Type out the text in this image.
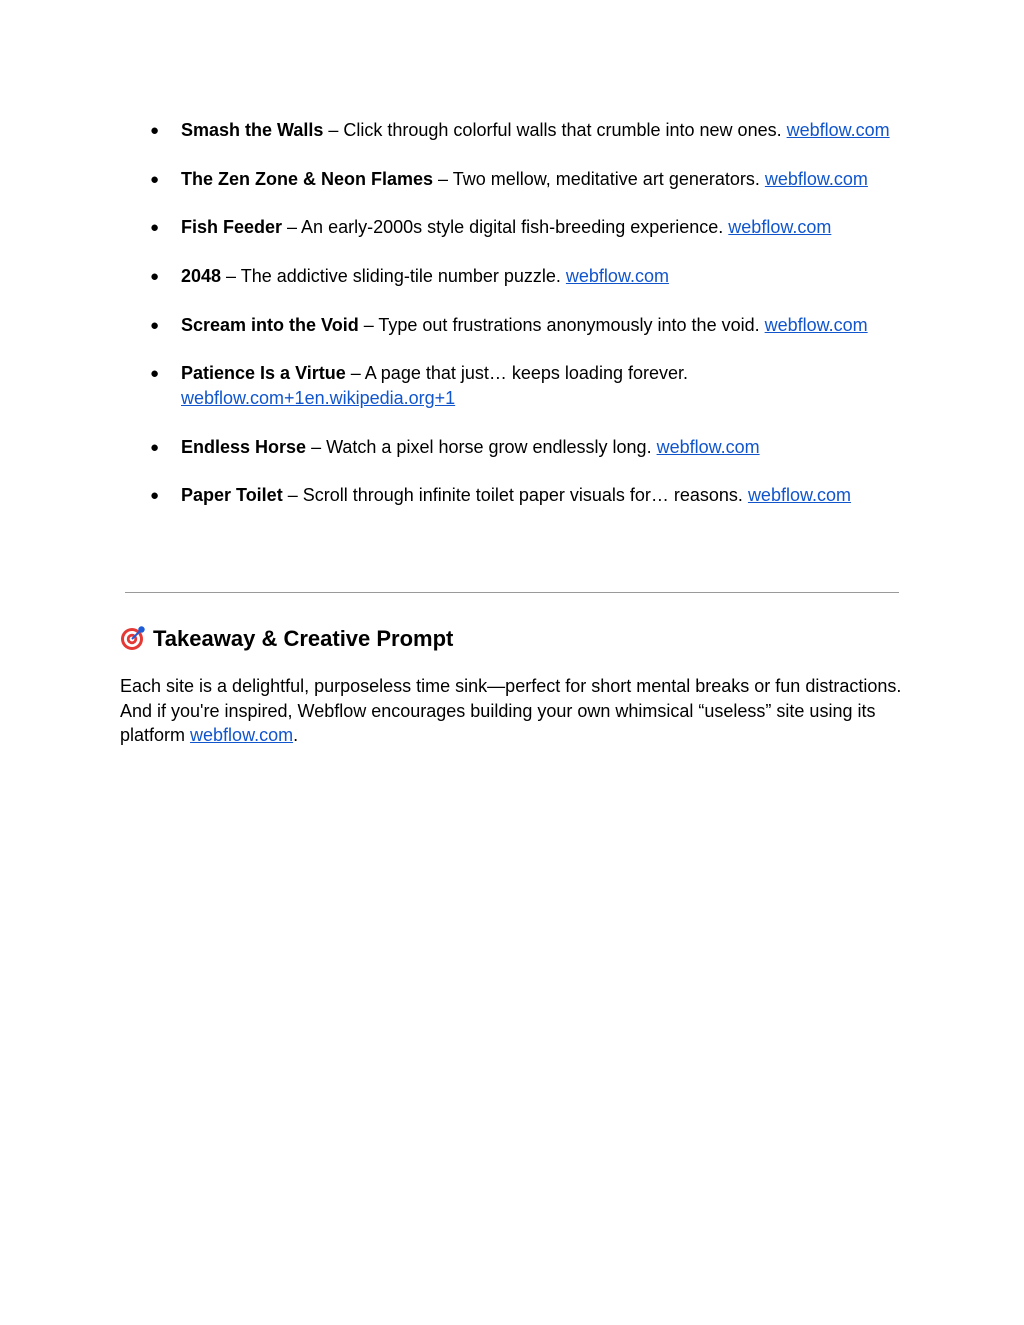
● Smash the Walls – Click through colorful walls that crumble into new ones. webflow.com
● The Zen Zone & Neon Flames – Two mellow, meditative art generators. webflow.com
● Fish Feeder – An early-2000s style digital fish-breeding experience. webflow.com
● 2048 – The addictive sliding-tile number puzzle. webflow.com
● Scream into the Void – Type out frustrations anonymously into the void. webflow.com
● Patience Is a Virtue – A page that just… keeps loading forever. webflow.com+1en.wikipedia.org+1
● Endless Horse – Watch a pixel horse grow endlessly long. webflow.com
● Paper Toilet – Scroll through infinite toilet paper visuals for… reasons. webflow.com
Takeaway & Creative Prompt

Each site is a delightful, purposeless time sink—perfect for short mental breaks or fun distractions. And if you're inspired, Webflow encourages building your own whimsical “useless” site using its platform webflow.com.
